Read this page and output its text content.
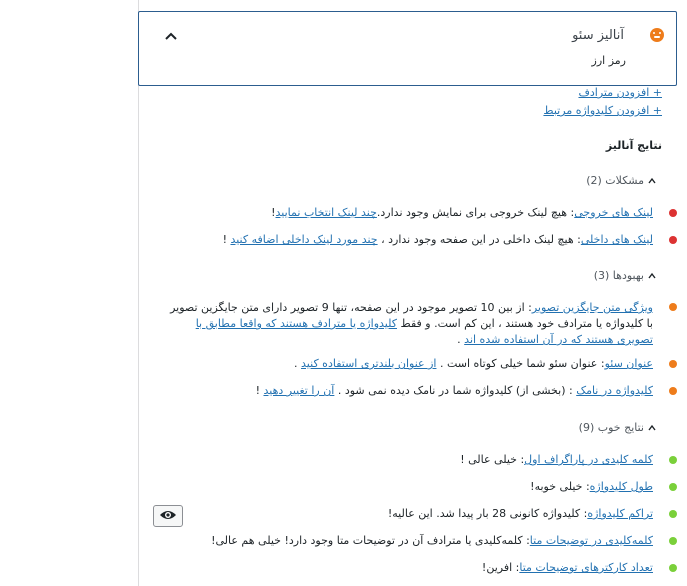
آنالیز سئو
رمز ارز
+ افزودن مترادف
+ افزودن کلیدواژه مرتبط
نتایج آنالیز
مشکلات (2)
لینک های خروجی: هیچ لینک خروجی برای نمایش وجود ندارد.چند لینک انتخاب نمایید!
لینک های داخلی: هیچ لینک داخلی در این صفحه وجود ندارد ، چند مورد لینک داخلی اضافه کنید !
بهبودها (3)
ویژگی متن جایگزین تصویر: از بین 10 تصویر موجود در این صفحه، تنها 9 تصویر دارای متن جایگزین تصویر با کلیدواژه یا مترادف خود هستند ، این کم است. و فقط کلیدواژه یا مترادف هستند که واقعا مطابق با تصویری هستند که در آن استفاده شده اند .
عنوان سئو: عنوان سئو شما خیلی کوتاه است . از عنوان بلندتری استفاده کنید .
کلیدواژه در نامک : (بخشی از) کلیدواژه شما در نامک دیده نمی شود . آن را تغییر دهید !
نتایج خوب (9)
کلمه کلیدی در پاراگراف اول: خیلی عالی !
طول کلیدواژه: خیلی خوبه!
تراکم کلیدواژه: کلیدواژه کانونی 28 بار پیدا شد. این عالیه!
کلمه‌کلیدی در توضیحات متا: کلمه‌کلیدی یا مترادف آن در توضیحات متا وجود دارد! خیلی هم عالی!
تعداد کارکترهای توضیحات متا: افرین!
